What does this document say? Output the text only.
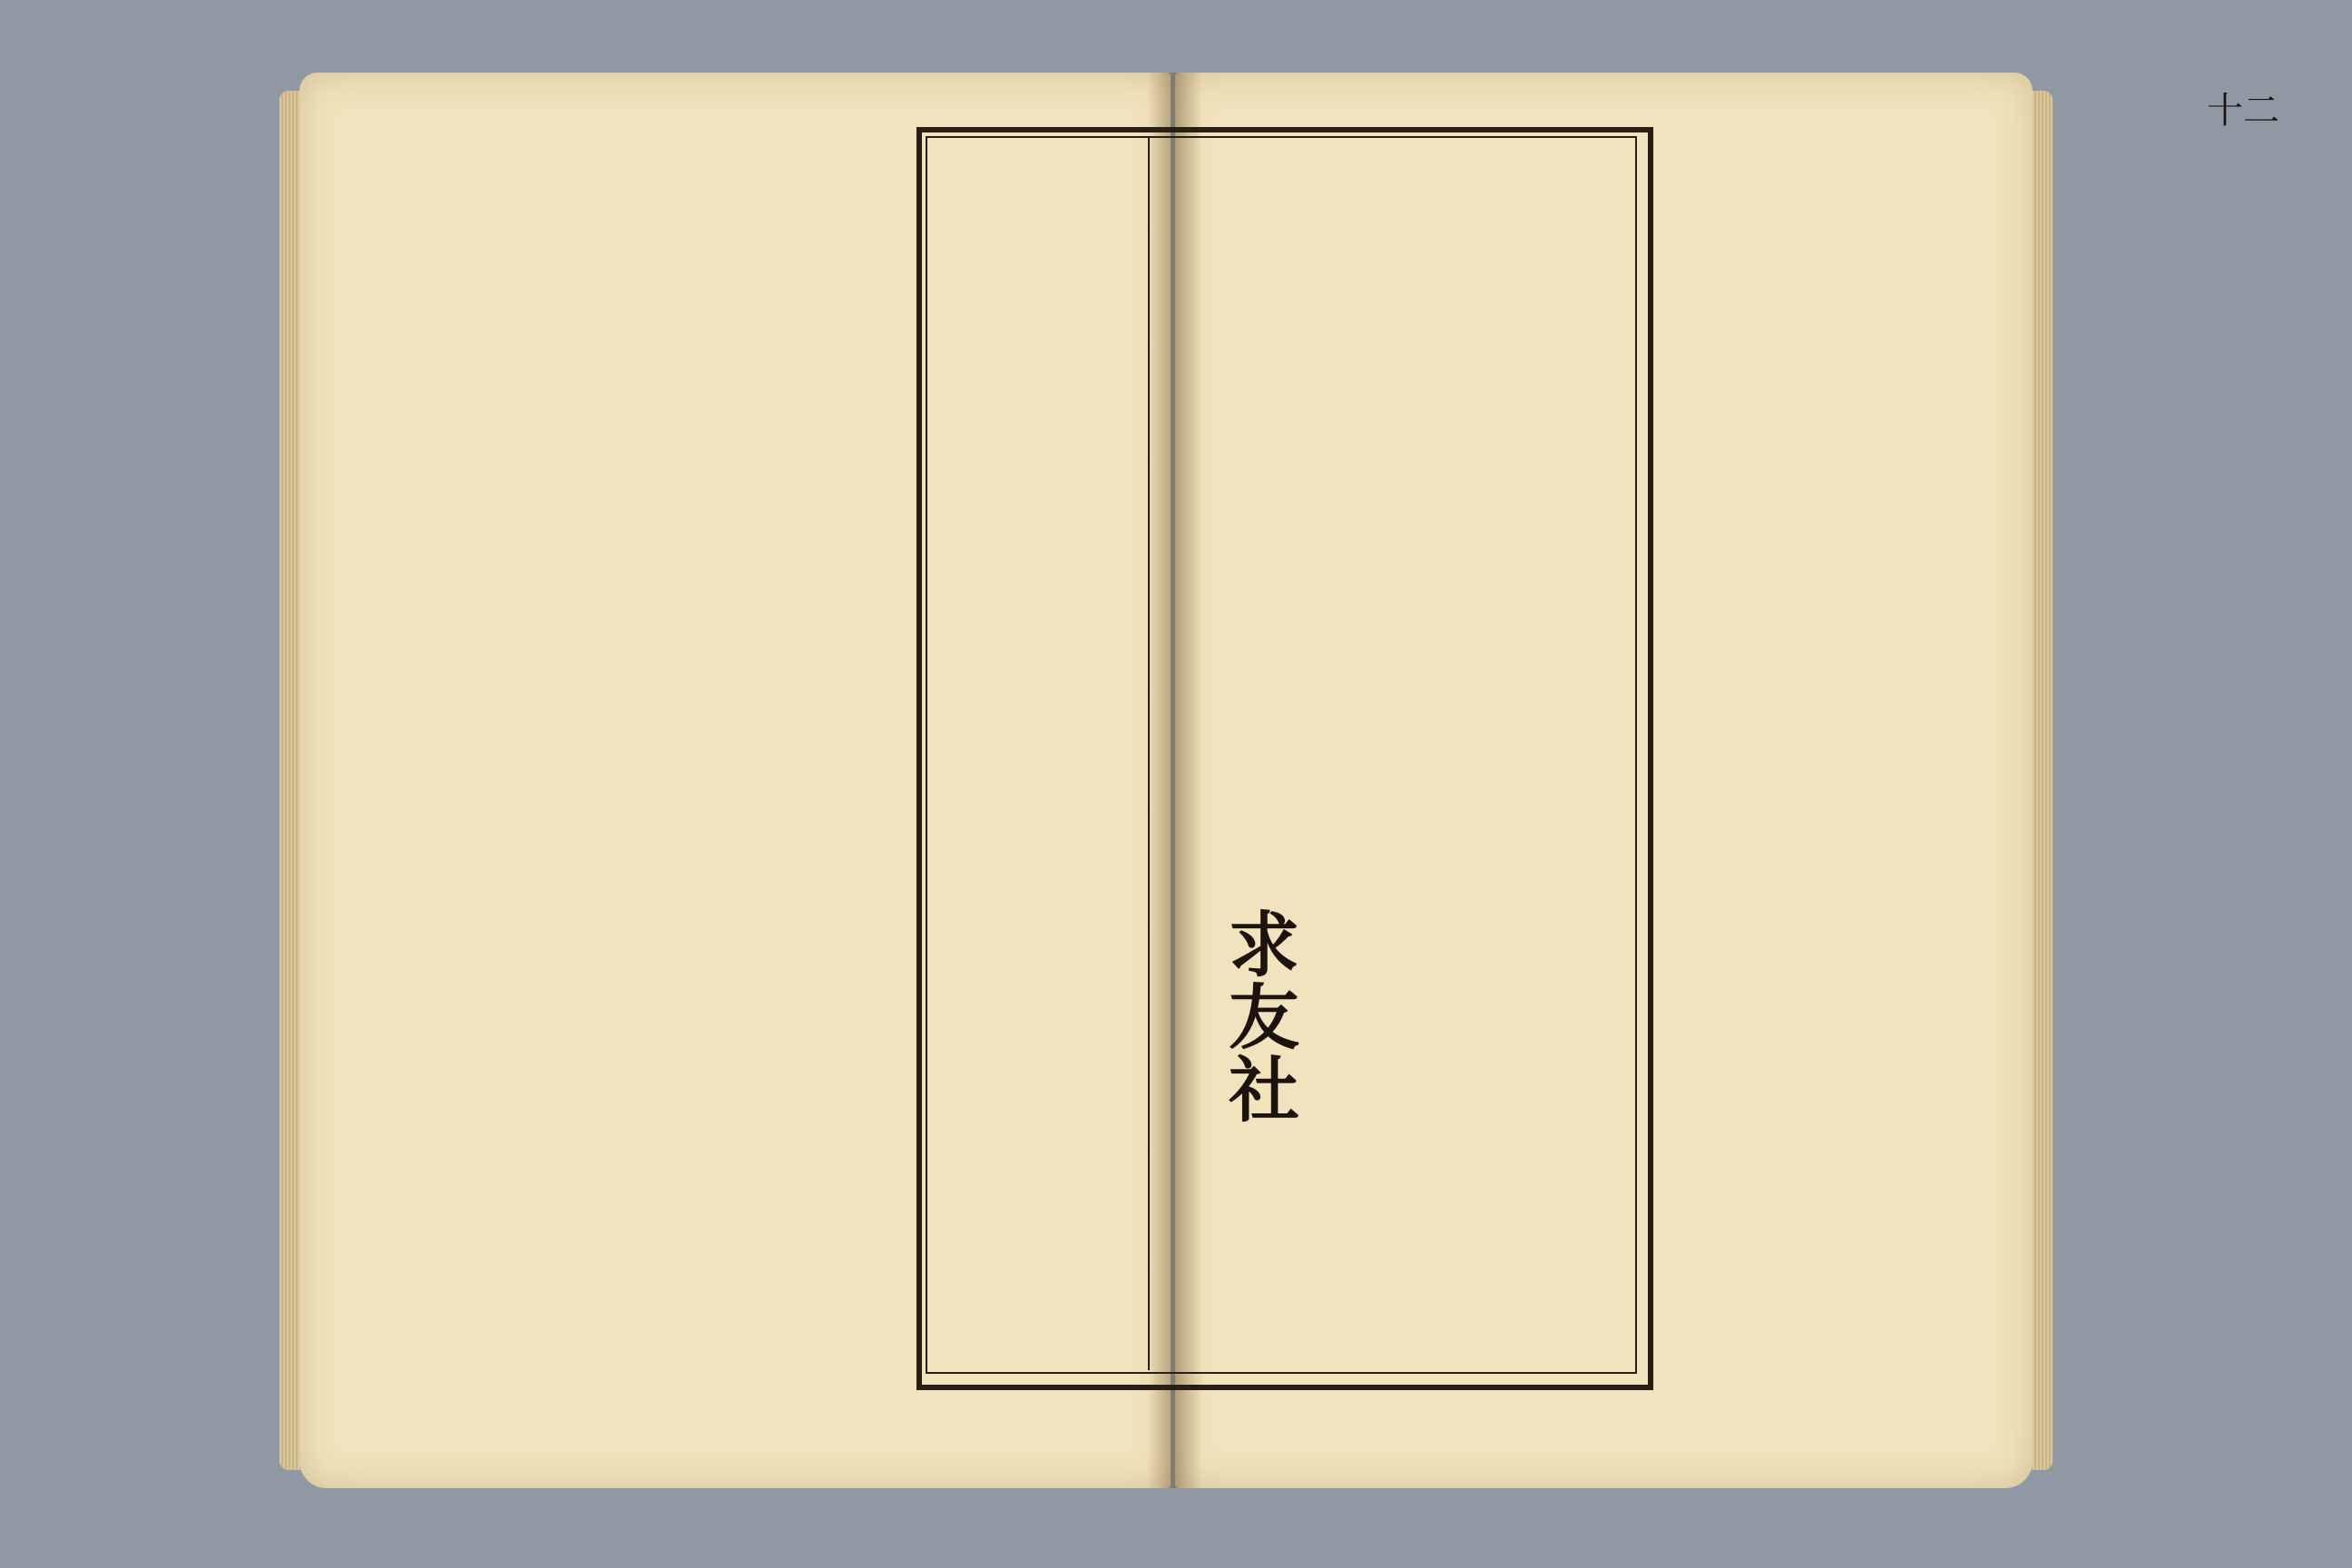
十二
求友社
